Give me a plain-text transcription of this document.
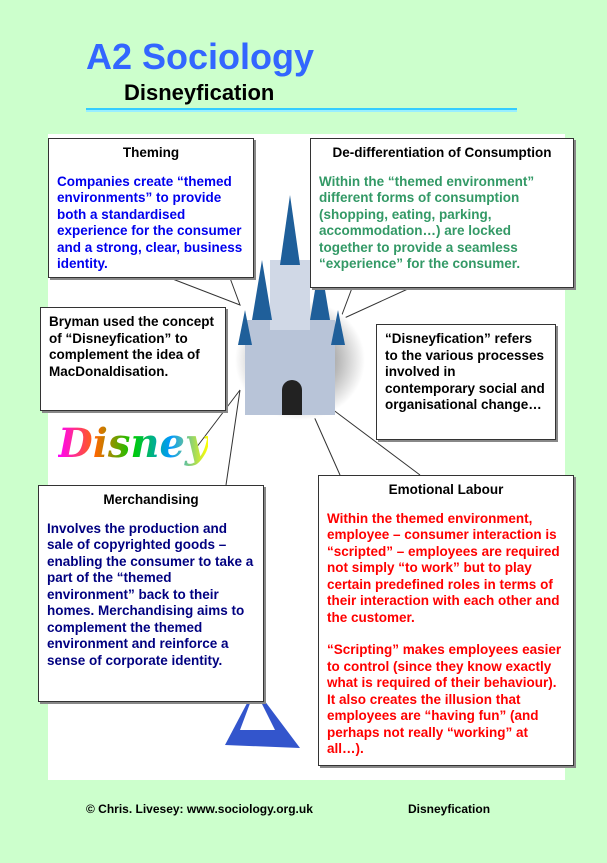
A2 Sociology
Disneyfication
Disney
Theming
Companies create “themed environments” to provide both a standardised experience for the consumer and a strong, clear, business identity.
De-differentiation of Consumption
Within the “themed environment” different forms of consumption (shopping, eating, parking, accommodation…) are locked together to provide a seamless “experience” for the consumer.
Bryman used the concept of “Disneyfication” to complement the idea of MacDonaldisation.
“Disneyfication” refers to the various processes involved in contemporary social and organisational change…
Merchandising
Involves the production and sale of copyrighted goods – enabling the consumer to take a part of the “themed environment” back to their homes. Merchandising aims to complement the themed environment and reinforce a sense of corporate identity.
Emotional Labour
Within the themed environment, employee – consumer interaction is “scripted” – employees are required not simply “to work” but to play certain predefined roles in terms of their interaction with each other and the customer.
“Scripting” makes employees easier to control (since they know exactly what is required of their behaviour). It also creates the illusion that employees are “having fun” (and perhaps not really “working” at all…).
© Chris. Livesey: www.sociology.org.uk	Disneyfication
